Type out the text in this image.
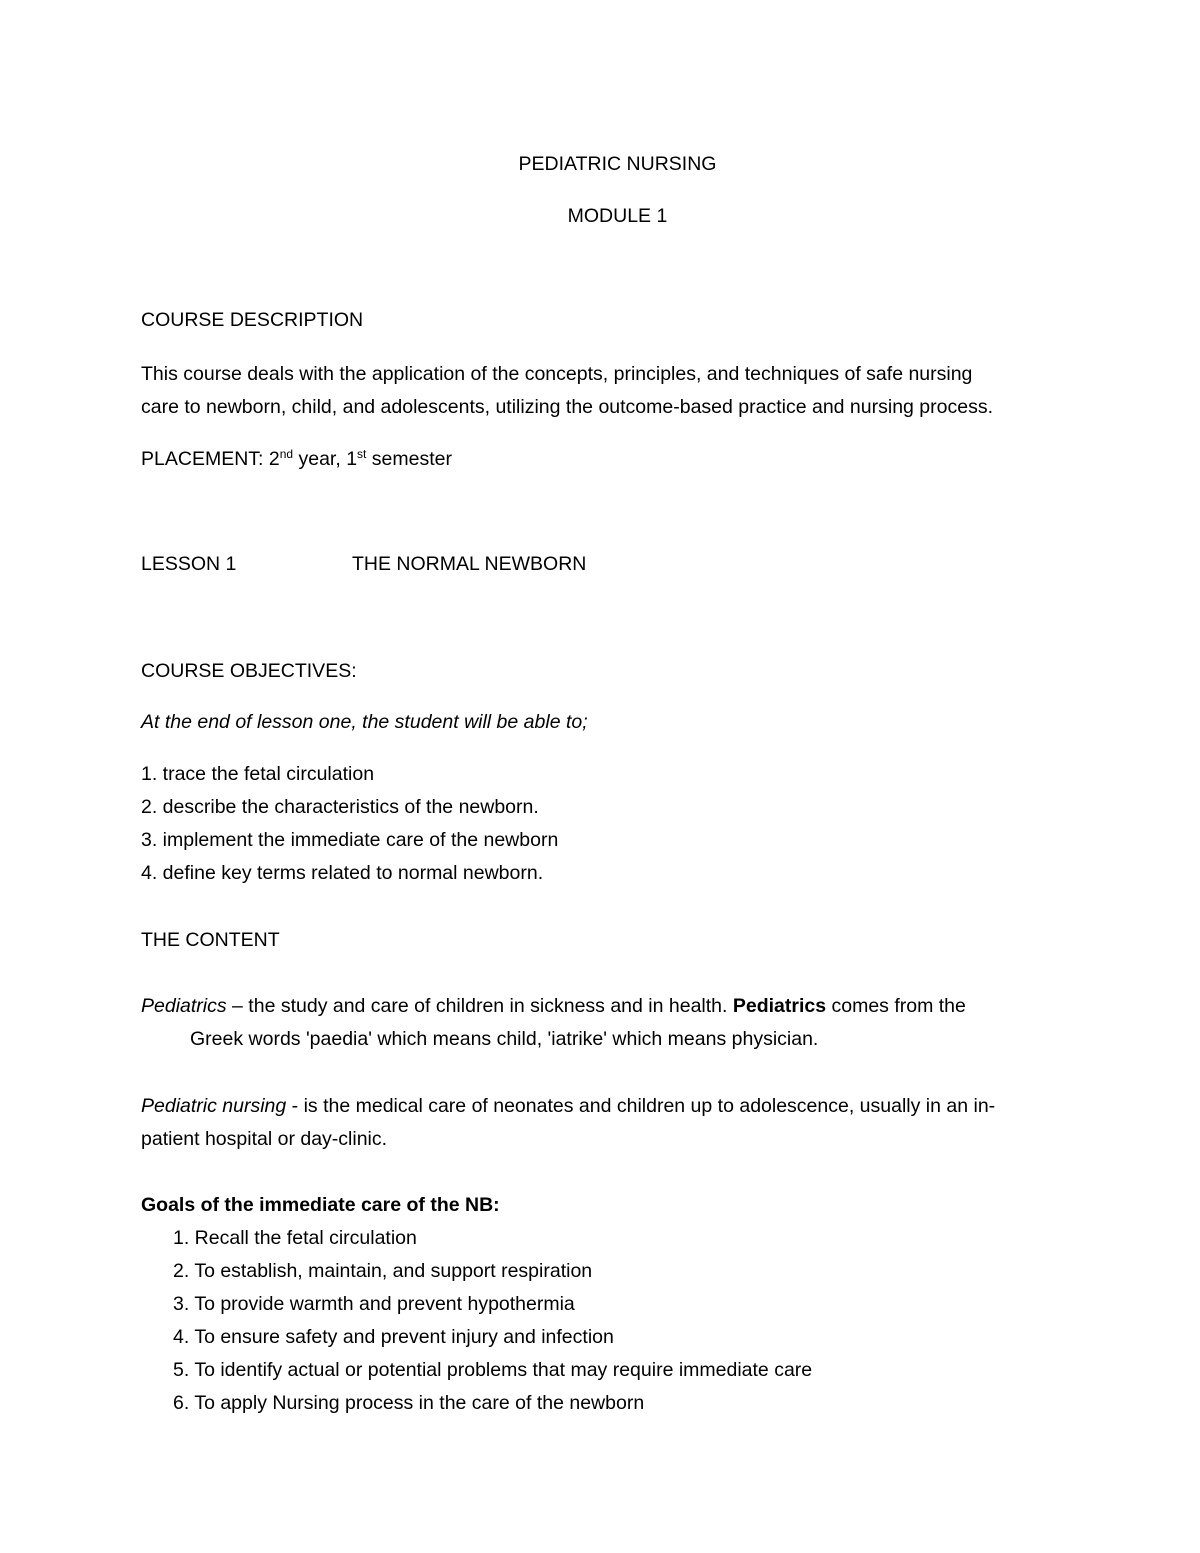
PEDIATRIC NURSING
MODULE 1
COURSE DESCRIPTION
This course deals with the application of the concepts, principles, and techniques of safe nursing
care to newborn, child, and adolescents, utilizing the outcome-based practice and nursing process.
PLACEMENT: 2nd year, 1st semester
LESSON 1	THE NORMAL NEWBORN
COURSE OBJECTIVES:
At the end of lesson one, the student will be able to;
1. trace the fetal circulation
2. describe the characteristics of the newborn.
3. implement the immediate care of the newborn
4. define key terms related to normal newborn.
THE CONTENT
Pediatrics – the study and care of children in sickness and in health. Pediatrics comes from the
Greek words 'paedia' which means child, 'iatrike' which means physician.
Pediatric nursing - is the medical care of neonates and children up to adolescence, usually in an in-
patient hospital or day-clinic.
Goals of the immediate care of the NB:
1. Recall the fetal circulation
2. To establish, maintain, and support respiration
3. To provide warmth and prevent hypothermia
4. To ensure safety and prevent injury and infection
5. To identify actual or potential problems that may require immediate care
6. To apply Nursing process in the care of the newborn
